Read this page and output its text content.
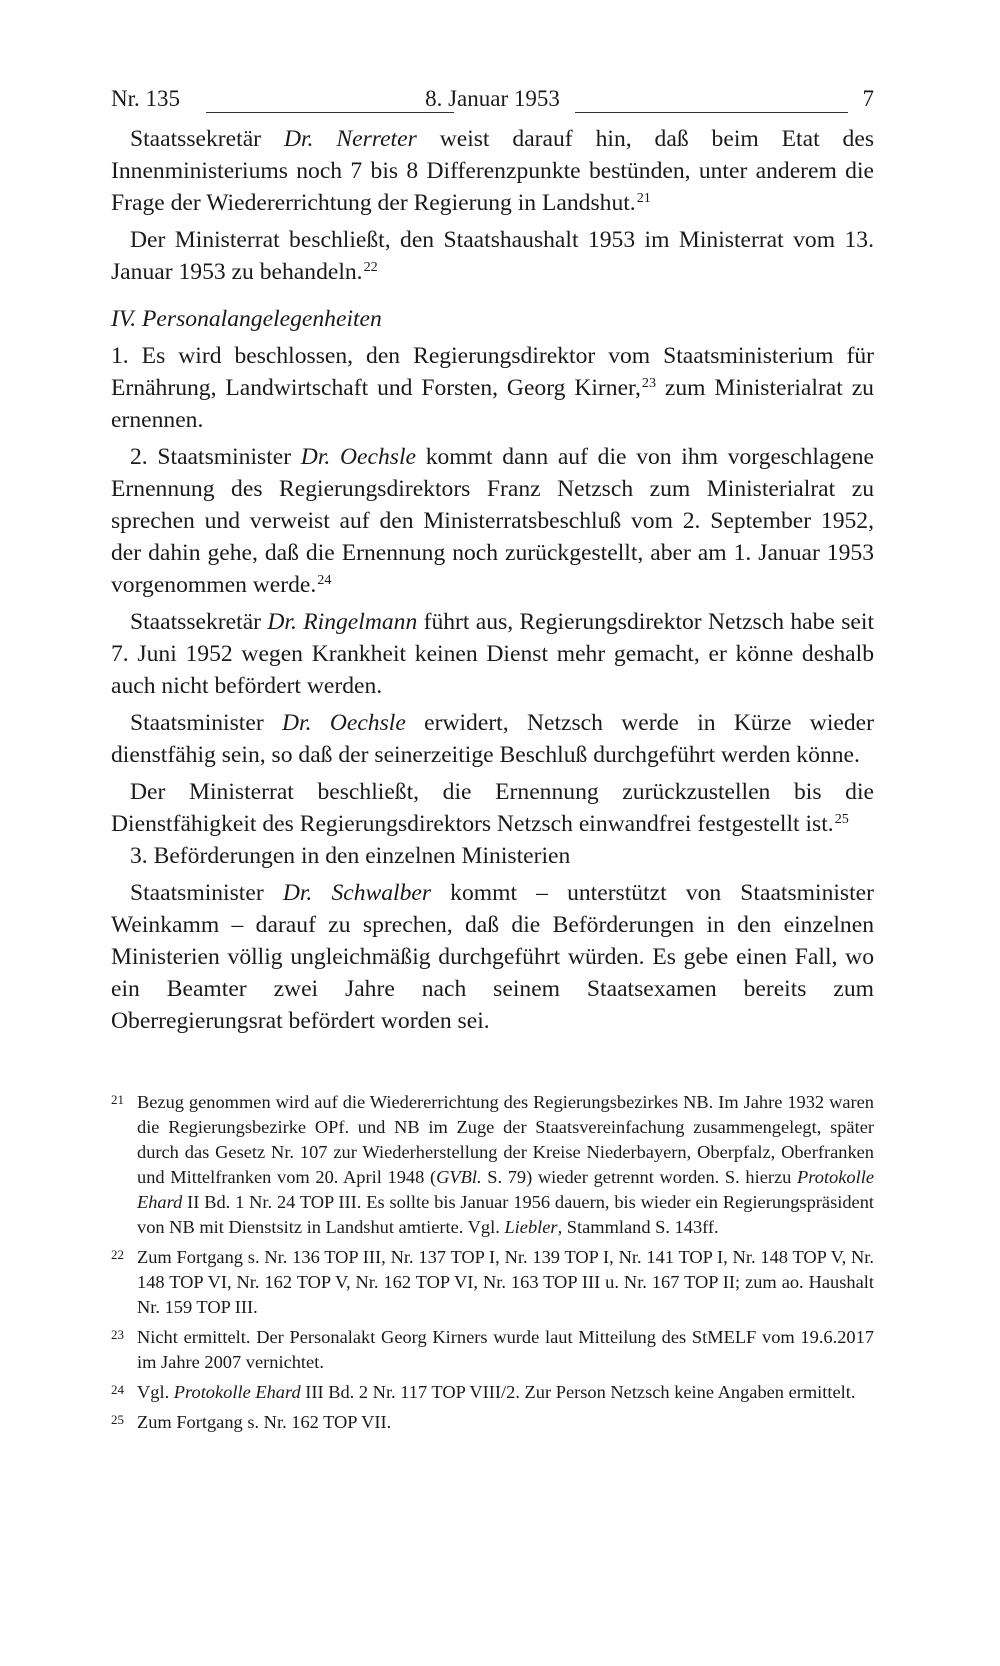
Nr. 135	8. Januar 1953	7

Staatssekretär Dr. Nerreter weist darauf hin, daß beim Etat des Innenministeriums noch 7 bis 8 Differenzpunkte bestünden, unter anderem die Frage der Wiedererrichtung der Regierung in Landshut.$^{21}$

Der Ministerrat beschließt, den Staatshaushalt 1953 im Ministerrat vom 13. Januar 1953 zu behandeln.$^{22}$

IV. Personalangelegenheiten

1. Es wird beschlossen, den Regierungsdirektor vom Staatsministerium für Ernährung, Landwirtschaft und Forsten, Georg Kirner,$^{23}$ zum Ministerialrat zu ernennen.

2. Staatsminister Dr. Oechsle kommt dann auf die von ihm vorgeschlagene Ernennung des Regierungsdirektors Franz Netzsch zum Ministerialrat zu sprechen und verweist auf den Ministerratsbeschluß vom 2. September 1952, der dahin gehe, daß die Ernennung noch zurückgestellt, aber am 1. Januar 1953 vorgenommen werde.$^{24}$

Staatssekretär Dr. Ringelmann führt aus, Regierungsdirektor Netzsch habe seit 7. Juni 1952 wegen Krankheit keinen Dienst mehr gemacht, er könne deshalb auch nicht befördert werden.

Staatsminister Dr. Oechsle erwidert, Netzsch werde in Kürze wieder dienstfähig sein, so daß der seinerzeitige Beschluß durchgeführt werden könne.

Der Ministerrat beschließt, die Ernennung zurückzustellen bis die Dienstfähigkeit des Regierungsdirektors Netzsch einwandfrei festgestellt ist.$^{25}$

3. Beförderungen in den einzelnen Ministerien

Staatsminister Dr. Schwalber kommt – unterstützt von Staatsminister Weinkamm – darauf zu sprechen, daß die Beförderungen in den einzelnen Ministerien völlig ungleichmäßig durchgeführt würden. Es gebe einen Fall, wo ein Beamter zwei Jahre nach seinem Staatsexamen bereits zum Oberregierungsrat befördert worden sei.

21 Bezug genommen wird auf die Wiedererrichtung des Regierungsbezirkes NB. Im Jahre 1932 waren die Regierungsbezirke OPf. und NB im Zuge der Staatsvereinfachung zusammengelegt, später durch das Gesetz Nr. 107 zur Wiederherstellung der Kreise Niederbayern, Oberpfalz, Oberfranken und Mittelfranken vom 20. April 1948 (GVBl. S. 79) wieder getrennt worden. S. hierzu Protokolle Ehard II Bd. 1 Nr. 24 TOP III. Es sollte bis Januar 1956 dauern, bis wieder ein Regierungspräsident von NB mit Dienstsitz in Landshut amtierte. Vgl. Liebler, Stammland S. 143ff.
22 Zum Fortgang s. Nr. 136 TOP III, Nr. 137 TOP I, Nr. 139 TOP I, Nr. 141 TOP I, Nr. 148 TOP V, Nr. 148 TOP VI, Nr. 162 TOP V, Nr. 162 TOP VI, Nr. 163 TOP III u. Nr. 167 TOP II; zum ao. Haushalt Nr. 159 TOP III.
23 Nicht ermittelt. Der Personalakt Georg Kirners wurde laut Mitteilung des StMELF vom 19.6.2017 im Jahre 2007 vernichtet.
24 Vgl. Protokolle Ehard III Bd. 2 Nr. 117 TOP VIII/2. Zur Person Netzsch keine Angaben ermittelt.
25 Zum Fortgang s. Nr. 162 TOP VII.
